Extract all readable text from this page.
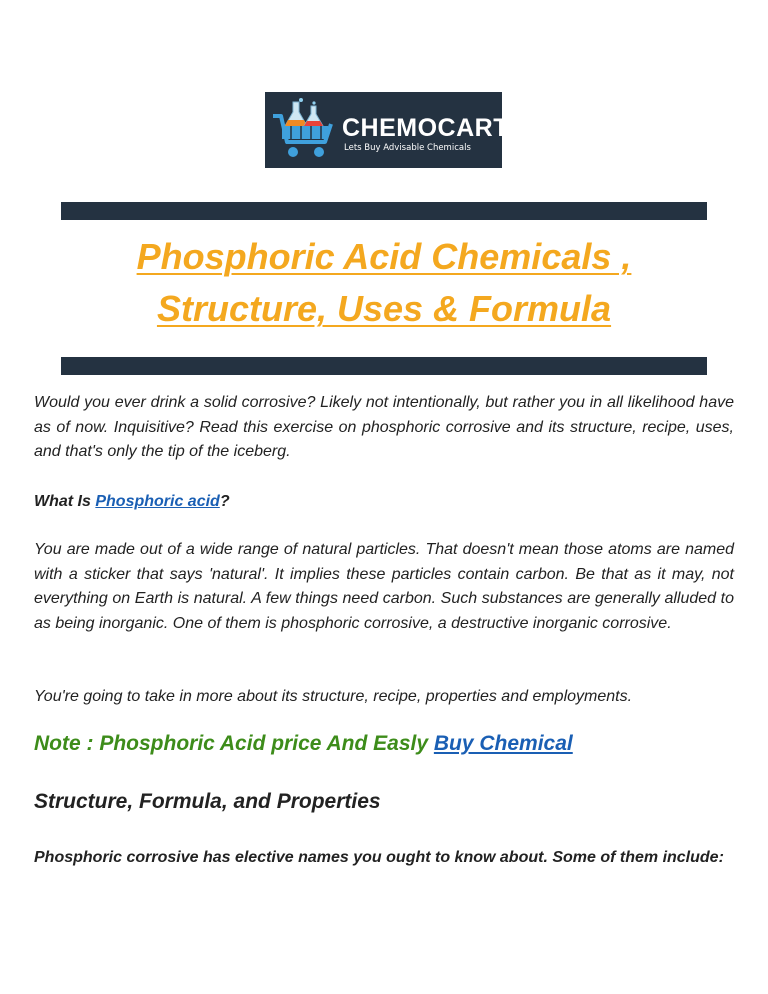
CHEMOCART
Lets Buy Advisable Chemicals
Phosphoric Acid Chemicals ,
Structure, Uses & Formula
Would you ever drink a solid corrosive? Likely not intentionally, but rather you in all likelihood have as of now. Inquisitive? Read this exercise on phosphoric corrosive and its structure, recipe, uses, and that's only the tip of the iceberg.
What Is Phosphoric acid?
You are made out of a wide range of natural particles. That doesn't mean those atoms are named with a sticker that says 'natural'. It implies these particles contain carbon. Be that as it may, not everything on Earth is natural. A few things need carbon. Such substances are generally alluded to as being inorganic. One of them is phosphoric corrosive, a destructive inorganic corrosive.
You're going to take in more about its structure, recipe, properties and employments.
Note : Phosphoric Acid price And Easly Buy Chemical
Structure, Formula, and Properties
Phosphoric corrosive has elective names you ought to know about. Some of them include:
